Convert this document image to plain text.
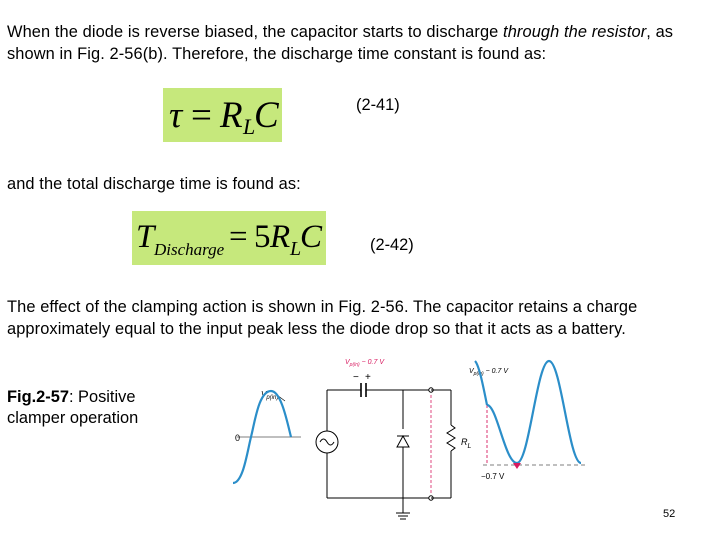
When the diode is reverse biased, the capacitor starts to discharge through the resistor, as shown in Fig. 2-56(b). Therefore, the discharge time constant is found as:
τ = R L
C	(2-41)
and the total discharge time is found as:
T Discharge = 5 R L
C	(2-42)
The effect of the clamping action is shown in Fig. 2-56. The capacitor retains a charge approximately equal to the input peak less the diode drop so that it acts as a battery.
Fig.2-57: Positive clamper operation
$V_{p(in)}$
0
+
−
$R_L$
$V_{p(in)} - 0.7$ V
$V_{p(in)} - 0.7$ V
−0.7 V
52
